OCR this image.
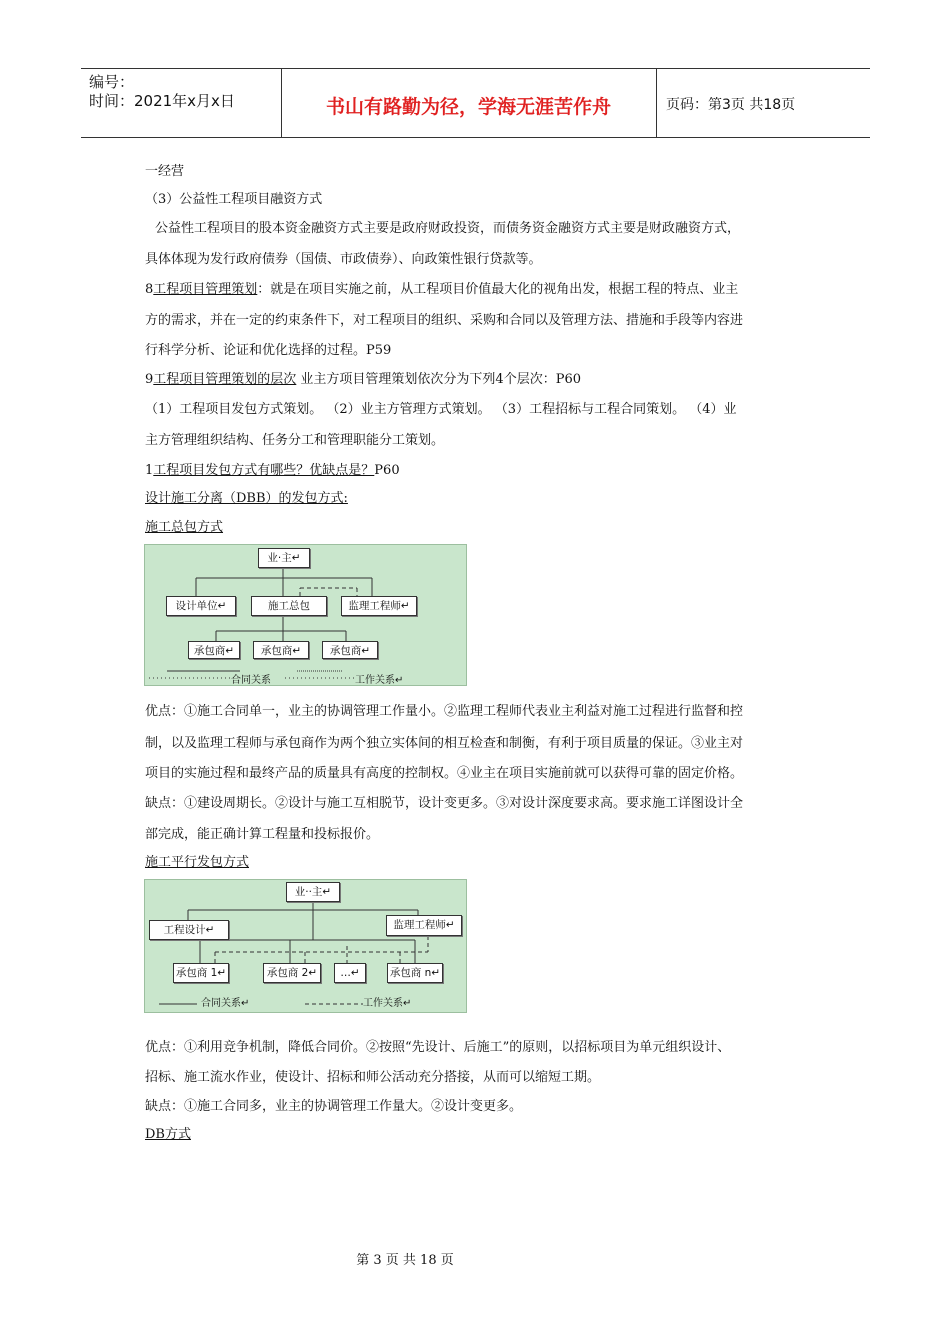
编号：
时间：2021年x月x日	书山有路勤为径，学海无涯苦作舟	页码：第3页 共18页
一经营
（3）公益性工程项目融资方式
公益性工程项目的股本资金融资方式主要是政府财政投资，而债务资金融资方式主要是财政融资方式，
具体体现为发行政府债券（国债、市政债券）、向政策性银行贷款等。
8工程项目管理策划：就是在项目实施之前，从工程项目价值最大化的视角出发，根据工程的特点、业主
方的需求，并在一定的约束条件下，对工程项目的组织、采购和合同以及管理方法、措施和手段等内容进
行科学分析、论证和优化选择的过程。P59
9工程项目管理策划的层次 业主方项目管理策划依次分为下列4个层次：P60
（1）工程项目发包方式策划。 （2）业主方管理方式策划。 （3）工程招标与工程合同策划。 （4）业
主方管理组织结构、任务分工和管理职能分工策划。
1工程项目发包方式有哪些？优缺点是？P60
设计施工分离（DBB）的发包方式:
施工总包方式
业·主↵
设计单位↵	施工总包	监理工程师↵
承包商↵	承包商↵	承包商↵
合同关系	工作关系↵
优点：①施工合同单一，业主的协调管理工作量小。②监理工程师代表业主利益对施工过程进行监督和控
制，以及监理工程师与承包商作为两个独立实体间的相互检查和制衡，有利于项目质量的保证。③业主对
项目的实施过程和最终产品的质量具有高度的控制权。④业主在项目实施前就可以获得可靠的固定价格。
缺点：①建设周期长。②设计与施工互相脱节，设计变更多。③对设计深度要求高。要求施工详图设计全
部完成，能正确计算工程量和投标报价。
施工平行发包方式
业··主↵
工程设计↵	监理工程师↵
承包商 1↵	承包商 2↵	…↵	承包商 n↵
合同关系↵	工作关系↵
优点：①利用竞争机制，降低合同价。②按照“先设计、后施工”的原则，以招标项目为单元组织设计、
招标、施工流水作业，使设计、招标和师公活动充分搭接，从而可以缩短工期。
缺点：①施工合同多，业主的协调管理工作量大。②设计变更多。
DB方式
第 3 页 共 18 页
